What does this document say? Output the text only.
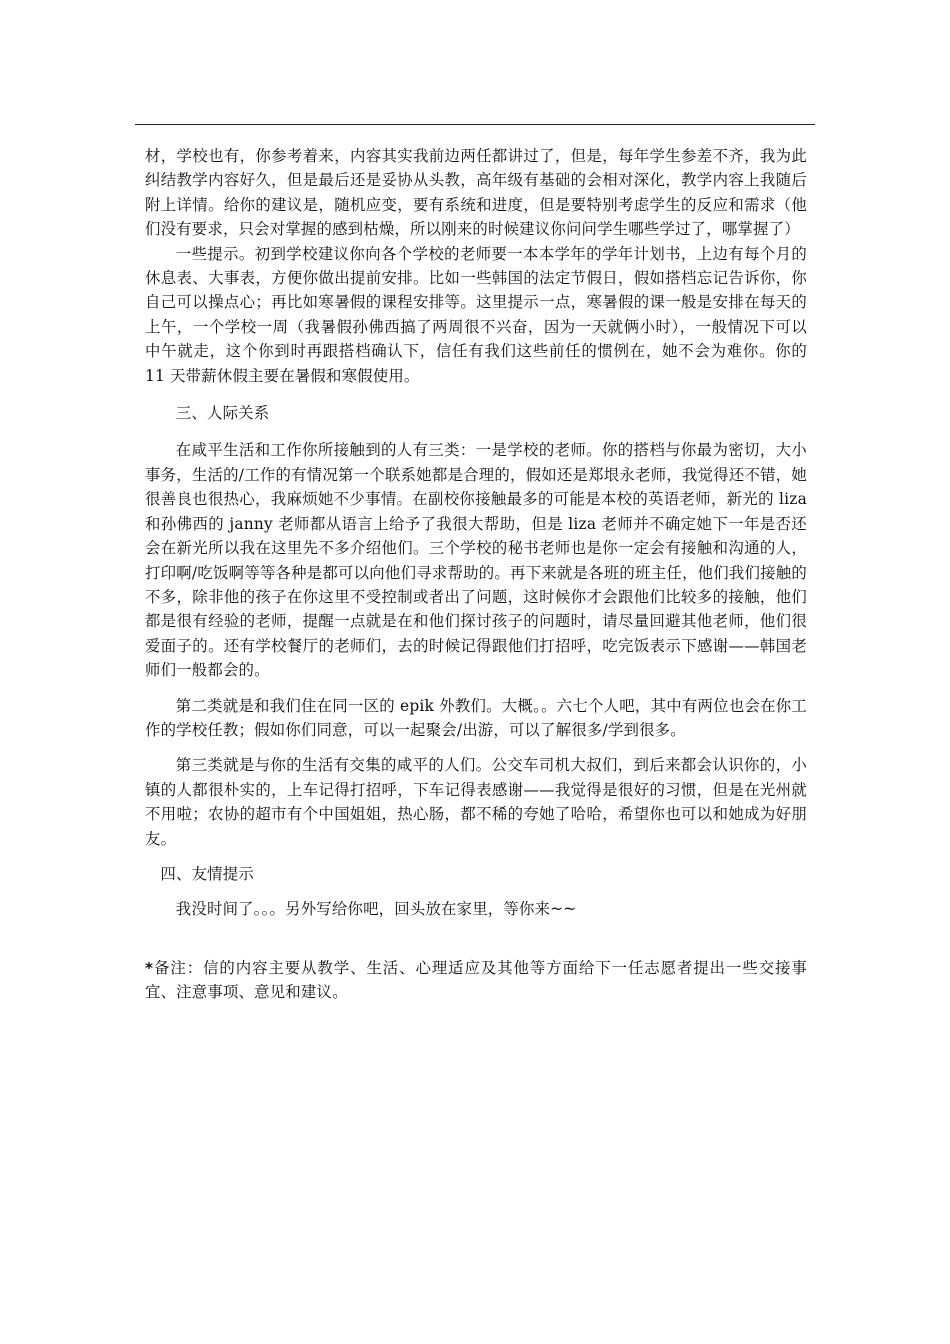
材，学校也有，你参考着来，内容其实我前边两任都讲过了，但是，每年学生参差不齐，我为此纠结教学内容好久，但是最后还是妥协从头教，高年级有基础的会相对深化，教学内容上我随后附上详情。给你的建议是，随机应变，要有系统和进度，但是要特别考虑学生的反应和需求（他们没有要求，只会对掌握的感到枯燥，所以刚来的时候建议你问问学生哪些学过了，哪掌握了）

一些提示。初到学校建议你向各个学校的老师要一本本学年的学年计划书，上边有每个月的休息表、大事表，方便你做出提前安排。比如一些韩国的法定节假日，假如搭档忘记告诉你，你自己可以操点心；再比如寒暑假的课程安排等。这里提示一点，寒暑假的课一般是安排在每天的上午，一个学校一周（我暑假孙佛西搞了两周很不兴奋，因为一天就俩小时），一般情况下可以中午就走，这个你到时再跟搭档确认下，信任有我们这些前任的惯例在，她不会为难你。你的 11 天带薪休假主要在暑假和寒假使用。

三、人际关系

在咸平生活和工作你所接触到的人有三类：一是学校的老师。你的搭档与你最为密切，大小事务，生活的/工作的有情况第一个联系她都是合理的，假如还是郑垠永老师，我觉得还不错，她很善良也很热心，我麻烦她不少事情。在副校你接触最多的可能是本校的英语老师，新光的 liza 和孙佛西的 janny 老师都从语言上给予了我很大帮助，但是 liza 老师并不确定她下一年是否还会在新光所以我在这里先不多介绍他们。三个学校的秘书老师也是你一定会有接触和沟通的人，打印啊/吃饭啊等等各种是都可以向他们寻求帮助的。再下来就是各班的班主任，他们我们接触的不多，除非他的孩子在你这里不受控制或者出了问题，这时候你才会跟他们比较多的接触，他们都是很有经验的老师，提醒一点就是在和他们探讨孩子的问题时，请尽量回避其他老师，他们很爱面子的。还有学校餐厅的老师们，去的时候记得跟他们打招呼，吃完饭表示下感谢——韩国老师们一般都会的。

第二类就是和我们住在同一区的 epik 外教们。大概。。六七个人吧，其中有两位也会在你工作的学校任教；假如你们同意，可以一起聚会/出游，可以了解很多/学到很多。

第三类就是与你的生活有交集的咸平的人们。公交车司机大叔们，到后来都会认识你的，小镇的人都很朴实的，上车记得打招呼，下车记得表感谢——我觉得是很好的习惯，但是在光州就不用啦；农协的超市有个中国姐姐，热心肠，都不稀的夸她了哈哈，希望你也可以和她成为好朋友。

四、友情提示

我没时间了。。。另外写给你吧，回头放在家里，等你来~~

*备注：信的内容主要从教学、生活、心理适应及其他等方面给下一任志愿者提出一些交接事宜、注意事项、意见和建议。
